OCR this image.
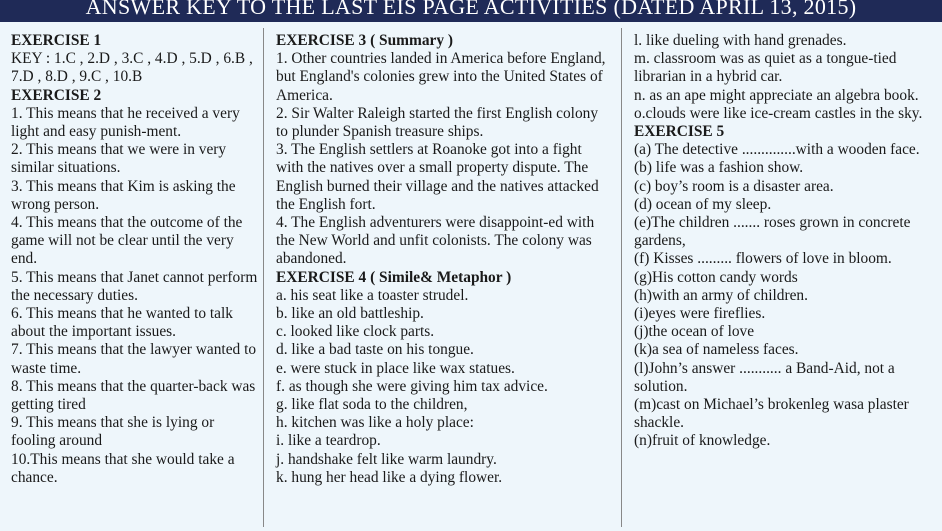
ANSWER KEY TO THE LAST EIS PAGE ACTIVITIES (DATED APRIL 13, 2015)

EXERCISE 1

KEY : 1.C , 2.D , 3.C , 4.D , 5.D , 6.B , 7.D , 8.D , 9.C , 10.B

EXERCISE 2

1. This means that he received a very light and easy punish-ment.

2. This means that we were in very similar situations.

3. This means that Kim is asking the wrong person.

4. This means that the outcome of the game will not be clear until the very end.

5. This means that Janet cannot perform the necessary duties.

6. This means that he wanted to talk about the important issues.

7. This means that the lawyer wanted to waste time.

8. This means that the quarter-back was getting tired

9. This means that she is lying or fooling around

10.This means that she would take a chance.

EXERCISE 3 ( Summary )

1. Other countries landed in America before England, but England's colonies grew into the United States of America.

2. Sir Walter Raleigh started the first English colony to plunder Spanish treasure ships.

3. The English settlers at Roanoke got into a fight with the natives over a small property dispute. The English burned their village and the natives attacked the English fort.

4. The English adventurers were disappoint-ed with the New World and unfit colonists. The colony was abandoned.

EXERCISE 4 ( Simile& Metaphor )

a. his seat like a toaster strudel.

b. like an old battleship.

c. looked like clock parts.

d. like a bad taste on his tongue.

e. were stuck in place like wax statues.

f. as though she were giving him tax advice.

g. like flat soda to the children,

h. kitchen was like a holy place:

i. like a teardrop.

j. handshake felt like warm laundry.

k. hung her head like a dying flower.

l. like dueling with hand grenades.

m. classroom was as quiet as a tongue-tied librarian in a hybrid car.

n. as an ape might appreciate an algebra book.

o.clouds were like ice-cream castles in the sky.

EXERCISE 5

(a) The detective ..............with a wooden face.

(b) life was a fashion show.

(c) boy’s room is a disaster area.

(d) ocean of my sleep.

(e)The children ....... roses grown in concrete gardens,

(f) Kisses ......... flowers of love in bloom.

(g)His cotton candy words

(h)with an army of children.

(i)eyes were fireflies.

(j)the ocean of love

(k)a sea of nameless faces.

(l)John’s answer ........... a Band-Aid, not a solution.

(m)cast on Michael’s brokenleg wasa plaster shackle.

(n)fruit of knowledge.
